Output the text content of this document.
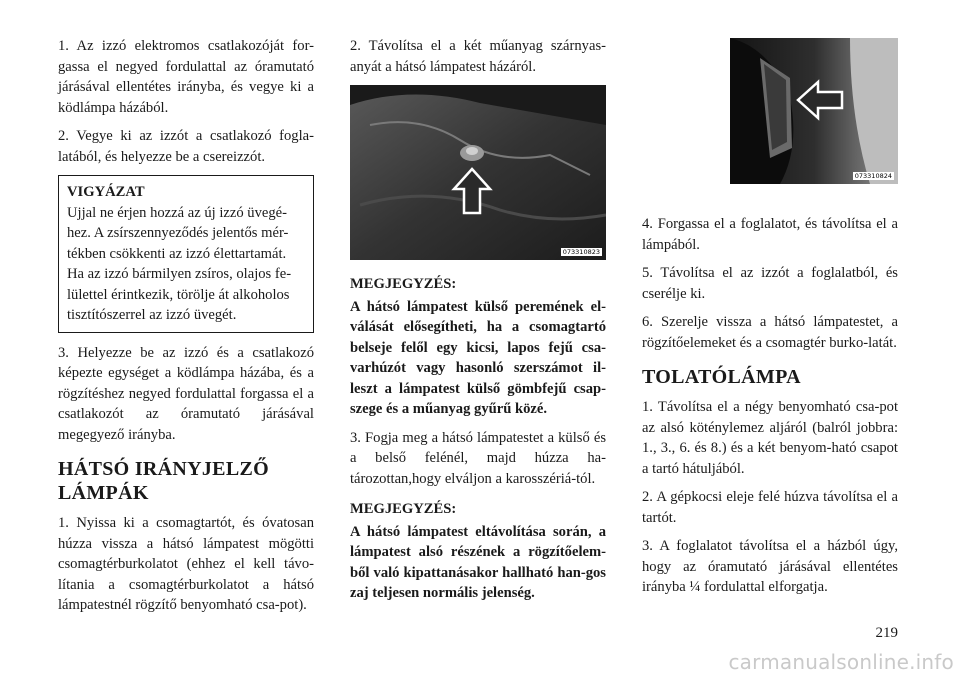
1. Az izzó elektromos csatlakozóját for-gassa el negyed fordulattal az óramutató járásával ellentétes irányba, és vegye ki a ködlámpa házából.

2. Vegye ki az izzót a csatlakozó fogla-latából, és helyezze be a csereizzót.

VIGYÁZAT
Ujjal ne érjen hozzá az új izzó üvegé-hez. A zsírszennyeződés jelentős mér-tékben csökkenti az izzó élettartamát. Ha az izzó bármilyen zsíros, olajos fe-lülettel érintkezik, törölje át alkoholos tisztítószerrel az izzó üvegét.

3. Helyezze be az izzó és a csatlakozó képezte egységet a ködlámpa házába, és a rögzítéshez negyed fordulattal forgassa el a csatlakozót az óramutató járásával megegyező irányba.

HÁTSÓ IRÁNYJELZŐ LÁMPÁK

1. Nyissa ki a csomagtartót, és óvatosan húzza vissza a hátsó lámpatest mögötti csomagtérburkolatot (ehhez el kell távo-lítania a csomagtérburkolatot a hátsó lámpatestnél rögzítő benyomható csa-pot).

2. Távolítsa el a két műanyag szárnyas-anyát a hátsó lámpatest házáról.

073310823
MEGJEGYZÉS:

A hátsó lámpatest külső peremének el-válását elősegítheti, ha a csomagtartó belseje felől egy kicsi, lapos fejű csa-varhúzót vagy hasonló szerszámot il-leszt a lámpatest külső gömbfejű csap-szege és a műanyag gyűrű közé.

3. Fogja meg a hátsó lámpatestet a külső és a belső felénél, majd húzza ha-tározottan,hogy elváljon a karosszériá-tól.

MEGJEGYZÉS:

A hátsó lámpatest eltávolítása során, a lámpatest alsó részének a rögzítőelem-ből való kipattanásakor hallható han-gos zaj teljesen normális jelenség.

073310824

4. Forgassa el a foglalatot, és távolítsa el a lámpából.

5. Távolítsa el az izzót a foglalatból, és cserélje ki.

6. Szerelje vissza a hátsó lámpatestet, a rögzítőelemeket és a csomagtér burko-latát.

TOLATÓLÁMPA

1. Távolítsa el a négy benyomható csa-pot az alsó köténylemez aljáról (balról jobbra: 1., 3., 6. és 8.) és a két benyom-ható csapot a tartó hátuljából.

2. A gépkocsi eleje felé húzva távolítsa el a tartót.

3. A foglalatot távolítsa el a házból úgy, hogy az óramutató járásával ellentétes irányba ¼ fordulattal elforgatja.

219
carmanualsonline.info
